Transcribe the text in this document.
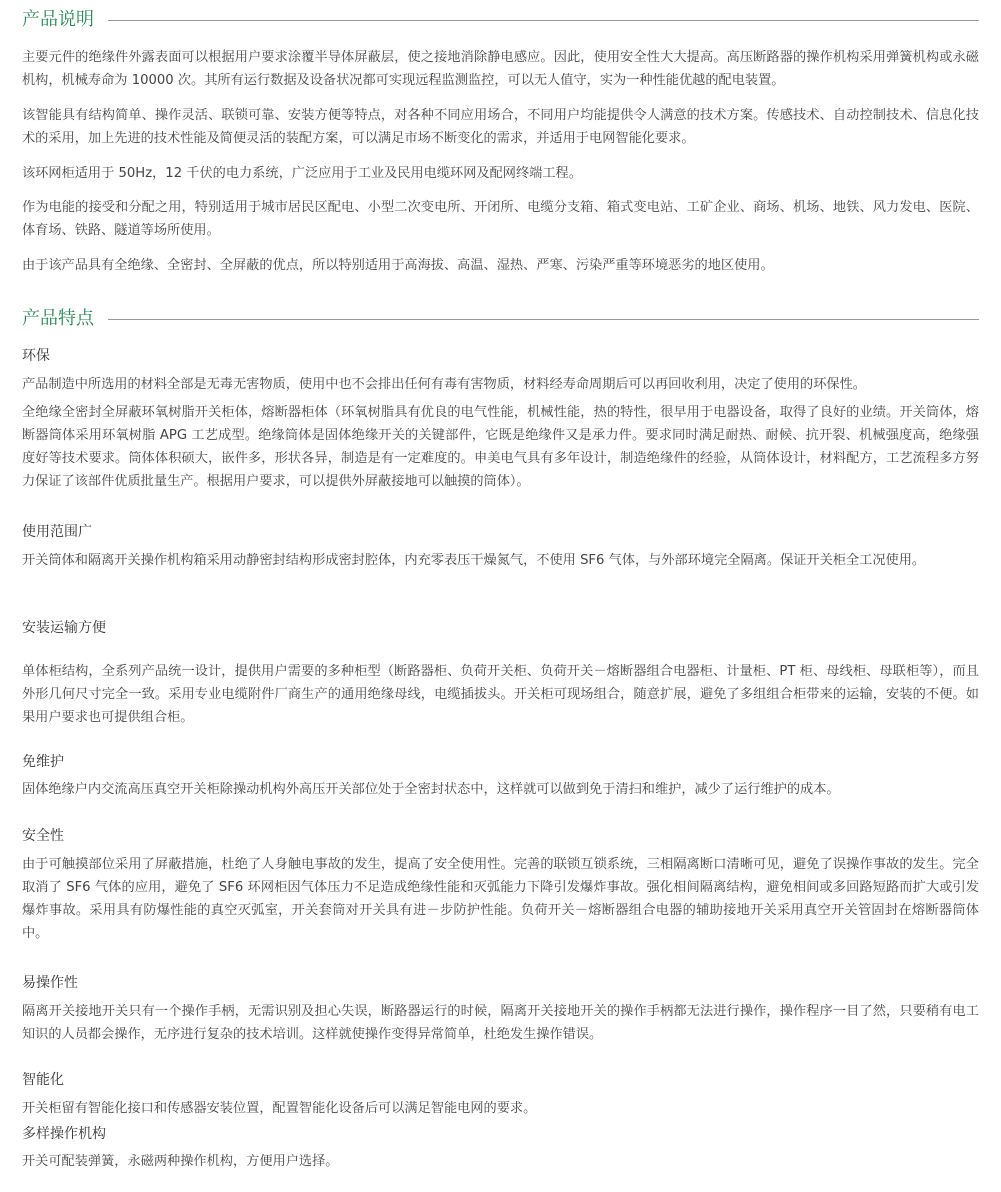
产品说明

主要元件的绝缘件外露表面可以根据用户要求涂覆半导体屏蔽层，使之接地消除静电感应。因此，使用安全性大大提高。高压断路器的操作机构采用弹簧机构或永磁机构，机械寿命为 10000 次。其所有运行数据及设备状况都可实现远程监测监控，可以无人值守，实为一种性能优越的配电装置。

该智能具有结构简单、操作灵活、联锁可靠、安装方便等特点，对各种不同应用场合，不同用户均能提供令人满意的技术方案。传感技术、自动控制技术、信息化技术的采用，加上先进的技术性能及简便灵活的装配方案，可以满足市场不断变化的需求，并适用于电网智能化要求。

该环网柜适用于 50Hz，12 千伏的电力系统，广泛应用于工业及民用电缆环网及配网终端工程。

作为电能的接受和分配之用，特别适用于城市居民区配电、小型二次变电所、开闭所、电缆分支箱、箱式变电站、工矿企业、商场、机场、地铁、风力发电、医院、体育场、铁路、隧道等场所使用。

由于该产品具有全绝缘、全密封、全屏蔽的优点，所以特别适用于高海拔、高温、湿热、严寒、污染严重等环境恶劣的地区使用。

产品特点

环保

产品制造中所选用的材料全部是无毒无害物质，使用中也不会排出任何有毒有害物质，材料经寿命周期后可以再回收利用，决定了使用的环保性。

全绝缘全密封全屏蔽环氧树脂开关柜体，熔断器柜体（环氧树脂具有优良的电气性能，机械性能，热的特性，很早用于电器设备，取得了良好的业绩。开关筒体，熔断器筒体采用环氧树脂 APG 工艺成型。绝缘筒体是固体绝缘开关的关键部件，它既是绝缘件又是承力件。要求同时满足耐热、耐候、抗开裂、机械强度高，绝缘强度好等技术要求。筒体体积硕大，嵌件多，形状各异，制造是有一定难度的。申美电气具有多年设计，制造绝缘件的经验，从筒体设计，材料配方，工艺流程多方努力保证了该部件优质批量生产。根据用户要求，可以提供外屏蔽接地可以触摸的筒体）。

使用范围广

开关筒体和隔离开关操作机构箱采用动静密封结构形成密封腔体，内充零表压干燥氮气，不使用 SF6 气体，与外部环境完全隔离。保证开关柜全工况使用。

安装运输方便

单体柜结构，全系列产品统一设计，提供用户需要的多种柜型（断路器柜、负荷开关柜、负荷开关－熔断器组合电器柜、计量柜、PT 柜、母线柜、母联柜等），而且外形几何尺寸完全一致。采用专业电缆附件厂商生产的通用绝缘母线，电缆插拔头。开关柜可现场组合，随意扩展，避免了多组组合柜带来的运输，安装的不便。如果用户要求也可提供组合柜。

免维护

固体绝缘户内交流高压真空开关柜除操动机构外高压开关部位处于全密封状态中，这样就可以做到免于清扫和维护，减少了运行维护的成本。

安全性

由于可触摸部位采用了屏蔽措施，杜绝了人身触电事故的发生，提高了安全使用性。完善的联锁互锁系统，三相隔离断口清晰可见，避免了误操作事故的发生。完全取消了 SF6 气体的应用，避免了 SF6 环网柜因气体压力不足造成绝缘性能和灭弧能力下降引发爆炸事故。强化相间隔离结构，避免相间或多回路短路而扩大或引发爆炸事故。采用具有防爆性能的真空灭弧室，开关套筒对开关具有进－步防护性能。负荷开关－熔断器组合电器的辅助接地开关采用真空开关管固封在熔断器筒体中。

易操作性

隔离开关接地开关只有一个操作手柄，无需识别及担心失误，断路器运行的时候，隔离开关接地开关的操作手柄都无法进行操作，操作程序一目了然，只要稍有电工知识的人员都会操作，无序进行复杂的技术培训。这样就使操作变得异常简单，杜绝发生操作错误。

智能化

开关柜留有智能化接口和传感器安装位置，配置智能化设备后可以满足智能电网的要求。

多样操作机构

开关可配装弹簧，永磁两种操作机构，方便用户选择。
